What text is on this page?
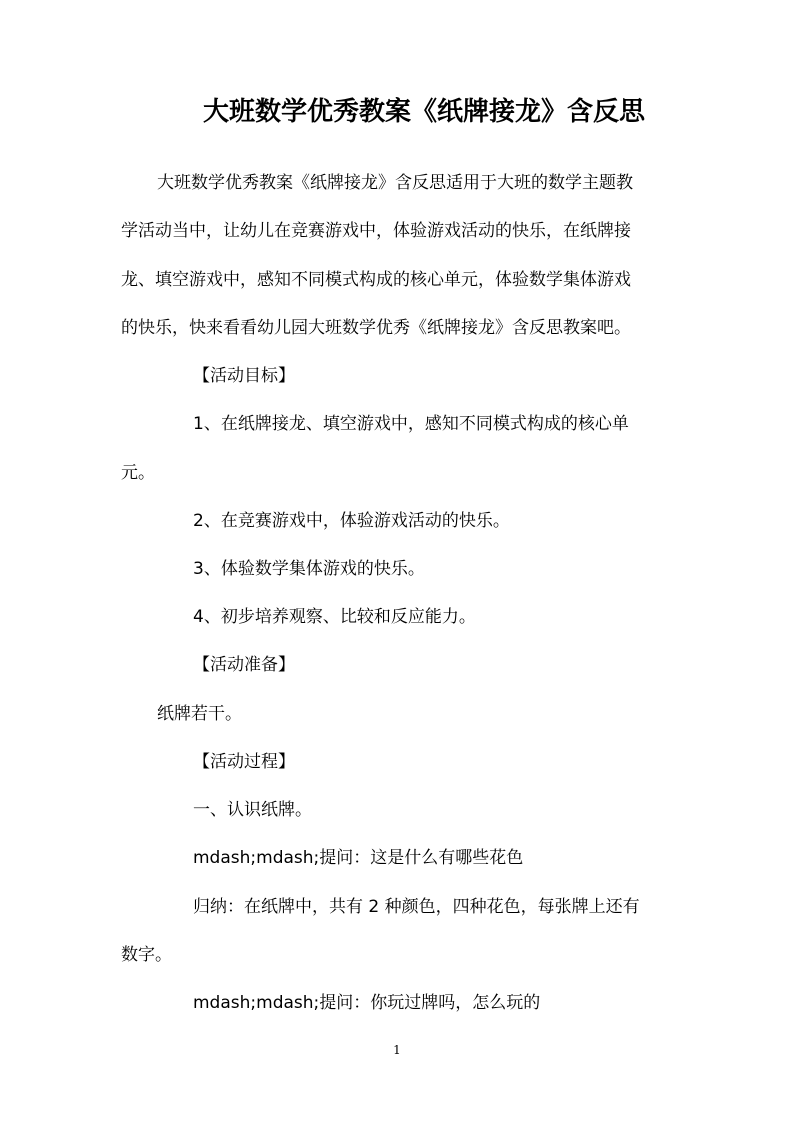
大班数学优秀教案《纸牌接龙》含反思
大班数学优秀教案《纸牌接龙》含反思适用于大班的数学主题教
学活动当中，让幼儿在竞赛游戏中，体验游戏活动的快乐，在纸牌接
龙、填空游戏中，感知不同模式构成的核心单元，体验数学集体游戏
的快乐，快来看看幼儿园大班数学优秀《纸牌接龙》含反思教案吧。
【活动目标】
1、在纸牌接龙、填空游戏中，感知不同模式构成的核心单
元。
2、在竞赛游戏中，体验游戏活动的快乐。
3、体验数学集体游戏的快乐。
4、初步培养观察、比较和反应能力。
【活动准备】
纸牌若干。
【活动过程】
一、认识纸牌。
mdash;mdash;提问：这是什么有哪些花色
归纳：在纸牌中，共有 2 种颜色，四种花色，每张牌上还有
数字。
mdash;mdash;提问：你玩过牌吗，怎么玩的
1
